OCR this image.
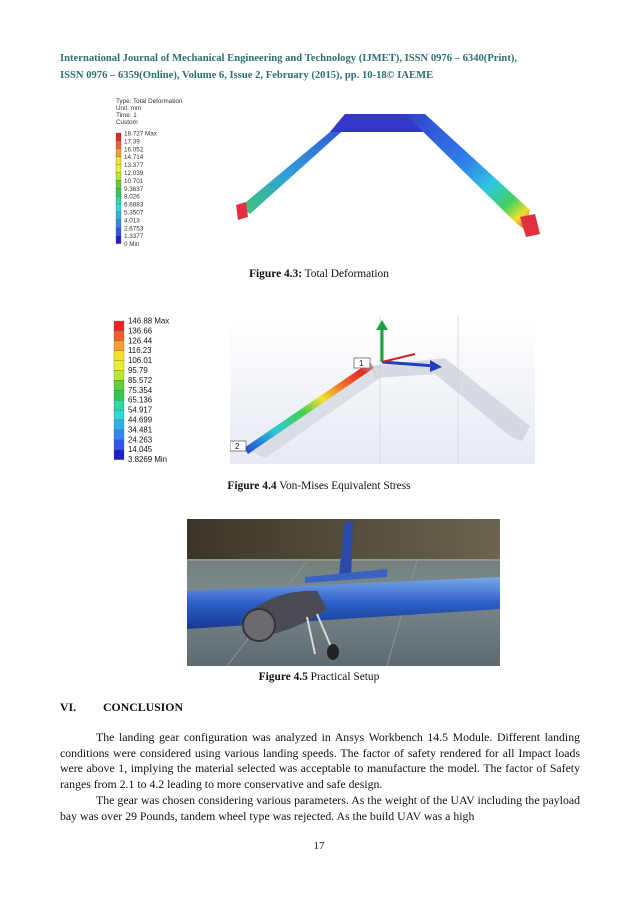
International Journal of Mechanical Engineering and Technology (IJMET), ISSN 0976 – 6340(Print),
ISSN 0976 – 6359(Online), Volume 6, Issue 2, February (2015), pp. 10-18© IAEME
Type: Total Deformation
Unit: mm
Time: 1
Custom
18.727 Max
17.39
16.052
14.714
13.377
12.039
10.701
9.3637
8.026
6.6883
5.3507
4.013
2.6753
1.3377
0 Min
Figure 4.3: Total Deformation
146.88 Max
136.66
126.44
116.23
106.01
95.79
85.572
75.354
65.136
54.917
44.699
34.481
24.263
14.045
3.8269 Min
1
2
Figure 4.4 Von-Mises Equivalent Stress
Figure 4.5 Practical Setup
VI. CONCLUSION
The landing gear configuration was analyzed in Ansys Workbench 14.5 Module. Different landing conditions were considered using various landing speeds. The factor of safety rendered for all Impact loads were above 1, implying the material selected was acceptable to manufacture the model. The factor of Safety ranges from 2.1 to 4.2 leading to more conservative and safe design.
The gear was chosen considering various parameters. As the weight of the UAV including the payload bay was over 29 Pounds, tandem wheel type was rejected. As the build UAV was a high
17
